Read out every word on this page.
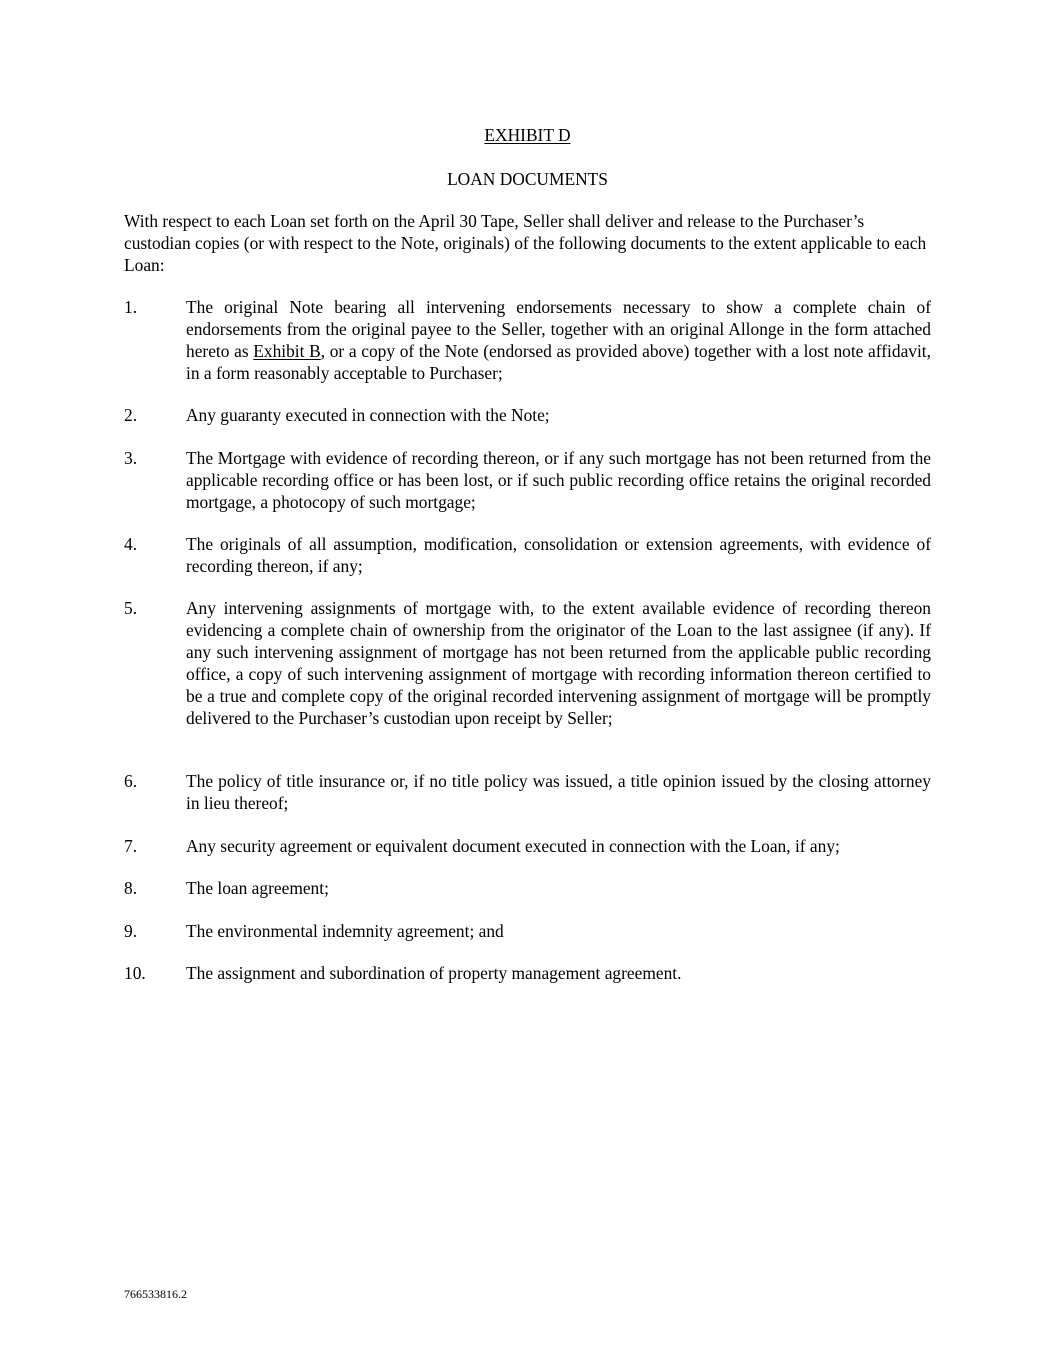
EXHIBIT D
LOAN DOCUMENTS

With respect to each Loan set forth on the April 30 Tape, Seller shall deliver and release to the Purchaser’s custodian copies (or with respect to the Note, originals) of the following documents to the extent applicable to each Loan:

1.	The original Note bearing all intervening endorsements necessary to show a complete chain of endorsements from the original payee to the Seller, together with an original Allonge in the form attached hereto as Exhibit B, or a copy of the Note (endorsed as provided above) together with a lost note affidavit, in a form reasonably acceptable to Purchaser;
2.	Any guaranty executed in connection with the Note;
3.	The Mortgage with evidence of recording thereon, or if any such mortgage has not been returned from the applicable recording office or has been lost, or if such public recording office retains the original recorded mortgage, a photocopy of such mortgage;
4.	The originals of all assumption, modification, consolidation or extension agreements, with evidence of recording thereon, if any;
5.	Any intervening assignments of mortgage with, to the extent available evidence of recording thereon evidencing a complete chain of ownership from the originator of the Loan to the last assignee (if any). If any such intervening assignment of mortgage has not been returned from the applicable public recording office, a copy of such intervening assignment of mortgage with recording information thereon certified to be a true and complete copy of the original recorded intervening assignment of mortgage will be promptly delivered to the Purchaser’s custodian upon receipt by Seller;
6.	The policy of title insurance or, if no title policy was issued, a title opinion issued by the closing attorney in lieu thereof;
7.	Any security agreement or equivalent document executed in connection with the Loan, if any;
8.	The loan agreement;
9.	The environmental indemnity agreement; and
10.	The assignment and subordination of property management agreement.
766533816.2
